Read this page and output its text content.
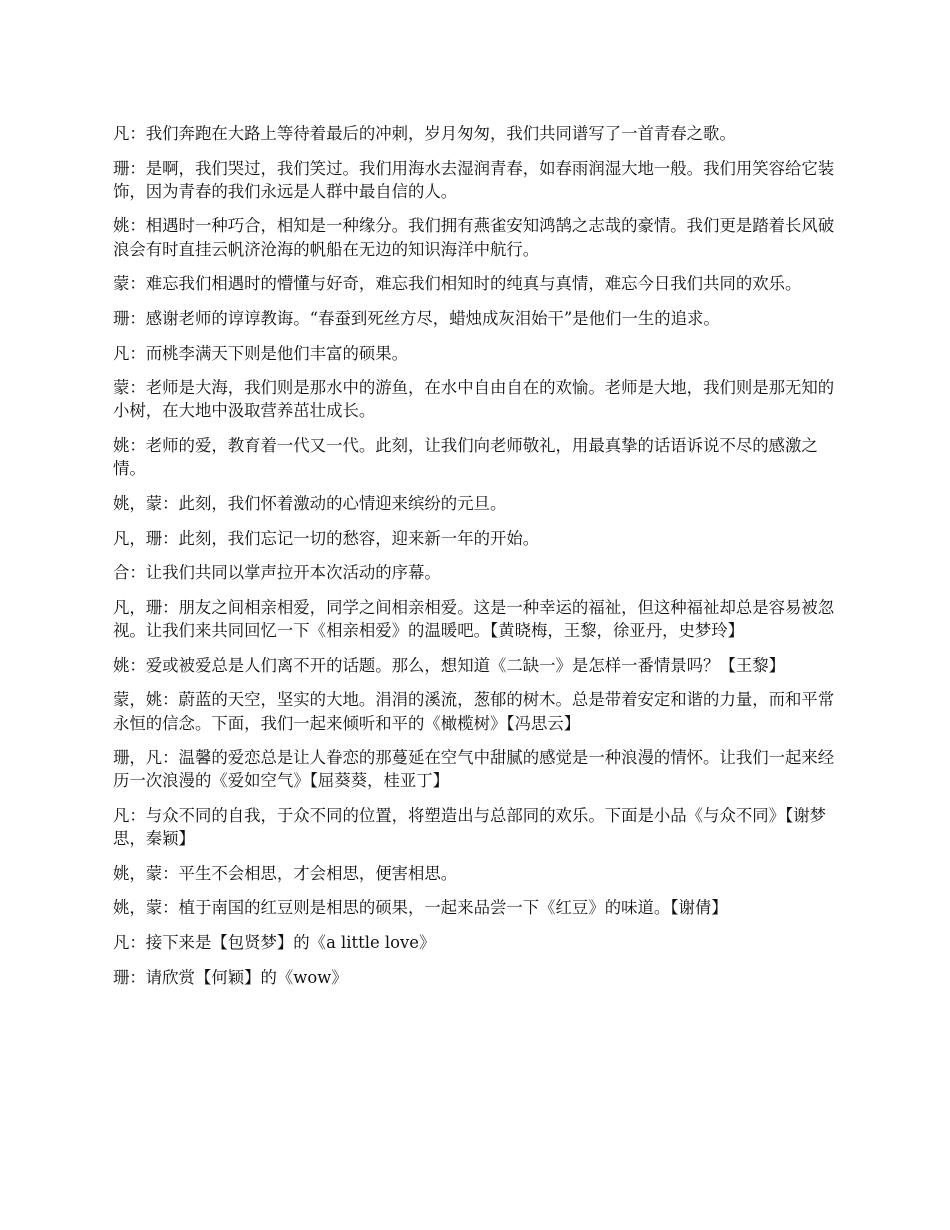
凡：我们奔跑在大路上等待着最后的冲刺，岁月匆匆，我们共同谱写了一首青春之歌。

珊：是啊，我们哭过，我们笑过。我们用海水去湿润青春，如春雨润湿大地一般。我们用笑容给它装饰，因为青春的我们永远是人群中最自信的人。

姚：相遇时一种巧合，相知是一种缘分。我们拥有燕雀安知鸿鹄之志哉的豪情。我们更是踏着长风破浪会有时直挂云帆济沧海的帆船在无边的知识海洋中航行。

蒙：难忘我们相遇时的懵懂与好奇，难忘我们相知时的纯真与真情，难忘今日我们共同的欢乐。

珊：感谢老师的谆谆教诲。“春蚕到死丝方尽，蜡烛成灰泪始干”是他们一生的追求。

凡：而桃李满天下则是他们丰富的硕果。

蒙：老师是大海，我们则是那水中的游鱼，在水中自由自在的欢愉。老师是大地，我们则是那无知的小树，在大地中汲取营养茁壮成长。

姚：老师的爱，教育着一代又一代。此刻，让我们向老师敬礼，用最真挚的话语诉说不尽的感激之情。

姚，蒙：此刻，我们怀着激动的心情迎来缤纷的元旦。

凡，珊：此刻，我们忘记一切的愁容，迎来新一年的开始。

合：让我们共同以掌声拉开本次活动的序幕。

凡，珊：朋友之间相亲相爱，同学之间相亲相爱。这是一种幸运的福祉，但这种福祉却总是容易被忽视。让我们来共同回忆一下《相亲相爱》的温暖吧。【黄晓梅，王黎，徐亚丹，史梦玲】

姚：爱或被爱总是人们离不开的话题。那么，想知道《二缺一》是怎样一番情景吗？【王黎】

蒙，姚：蔚蓝的天空，坚实的大地。涓涓的溪流，葱郁的树木。总是带着安定和谐的力量，而和平常永恒的信念。下面，我们一起来倾听和平的《橄榄树》【冯思云】

珊，凡：温馨的爱恋总是让人眷恋的那蔓延在空气中甜腻的感觉是一种浪漫的情怀。让我们一起来经历一次浪漫的《爱如空气》【屈葵葵，桂亚丁】

凡：与众不同的自我，于众不同的位置，将塑造出与总部同的欢乐。下面是小品《与众不同》【谢梦思，秦颖】

姚，蒙：平生不会相思，才会相思，便害相思。

姚，蒙：植于南国的红豆则是相思的硕果，一起来品尝一下《红豆》的味道。【谢倩】

凡：接下来是【包贤梦】的《a little love》

珊：请欣赏【何颖】的《wow》
